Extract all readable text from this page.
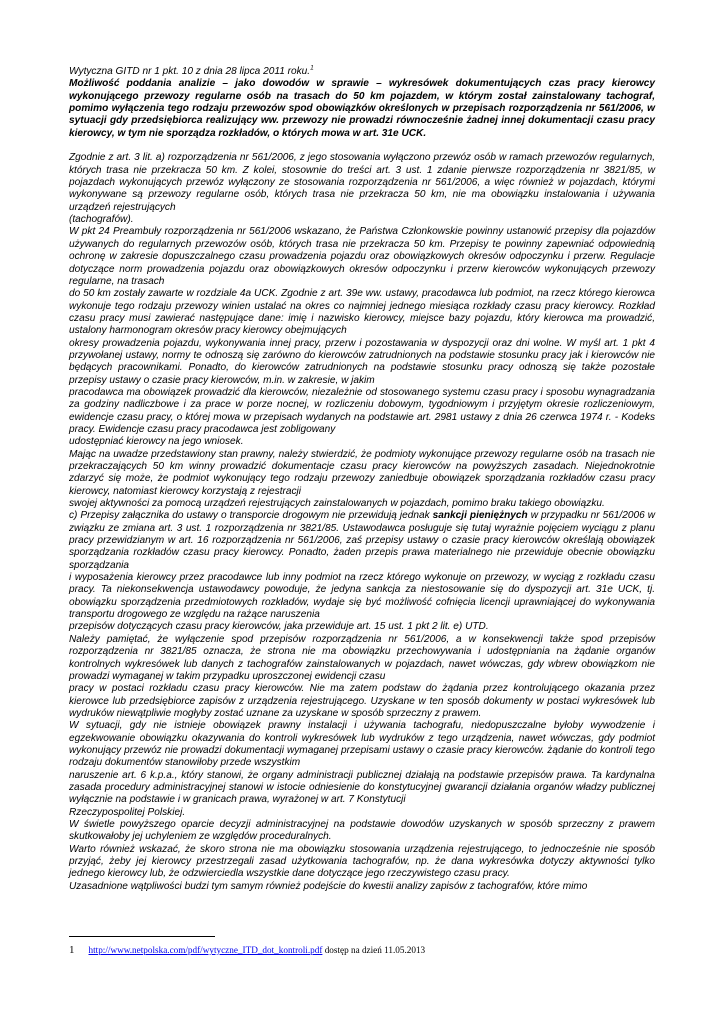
Wytyczna GITD nr 1 pkt. 10 z dnia 28 lipca 2011 roku.$^1$

Możliwość poddania analizie – jako dowodów w sprawie – wykresówek dokumentujących czas pracy kierowcy wykonującego przewozy regularne osób na trasach do 50 km pojazdem, w którym został zainstalowany tachograf, pomimo wyłączenia tego rodzaju przewozów spod obowiązków określonych w przepisach rozporządzenia nr 561/2006, w sytuacji gdy przedsiębiorca realizujący ww. przewozy nie prowadzi równocześnie żadnej innej dokumentacji czasu pracy kierowcy, w tym nie sporządza rozkładów, o których mowa w art. 31e UCK.

Zgodnie z art. 3 lit. a) rozporządzenia nr 561/2006, z jego stosowania wyłączono przewóz osób w ramach przewozów regularnych, których trasa nie przekracza 50 km. Z kolei, stosownie do treści art. 3 ust. 1 zdanie pierwsze rozporządzenia nr 3821/85, w pojazdach wykonujących przewóz wyłączony ze stosowania rozporządzenia nr 561/2006, a więc również w pojazdach, którymi wykonywane są przewozy regularne osób, których trasa nie przekracza 50 km, nie ma obowiązku instalowania i używania urządzeń rejestrujących

(tachografów).

W pkt 24 Preambuły rozporządzenia nr 561/2006 wskazano, że Państwa Członkowskie powinny ustanowić przepisy dla pojazdów używanych do regularnych przewozów osób, których trasa nie przekracza 50 km. Przepisy te powinny zapewniać odpowiednią ochronę w zakresie dopuszczalnego czasu prowadzenia pojazdu oraz obowiązkowych okresów odpoczynku i przerw. Regulacje dotyczące norm prowadzenia pojazdu oraz obowiązkowych okresów odpoczynku i przerw kierowców wykonujących przewozy regularne, na trasach

do 50 km zostały zawarte w rozdziale 4a UCK. Zgodnie z art. 39e ww. ustawy, pracodawca lub podmiot, na rzecz którego kierowca wykonuje tego rodzaju przewozy winien ustalać na okres co najmniej jednego miesiąca rozkłady czasu pracy kierowcy. Rozkład czasu pracy musi zawierać następujące dane: imię i nazwisko kierowcy, miejsce bazy pojazdu, który kierowca ma prowadzić, ustalony harmonogram okresów pracy kierowcy obejmujących

okresy prowadzenia pojazdu, wykonywania innej pracy, przerw i pozostawania w dyspozycji oraz dni wolne. W myśl art. 1 pkt 4 przywołanej ustawy, normy te odnoszą się zarówno do kierowców zatrudnionych na podstawie stosunku pracy jak i kierowców nie będących pracownikami. Ponadto, do kierowców zatrudnionych na podstawie stosunku pracy odnoszą się także pozostałe przepisy ustawy o czasie pracy kierowców, m.in. w zakresie, w jakim

pracodawca ma obowiązek prowadzić dla kierowców, niezależnie od stosowanego systemu czasu pracy i sposobu wynagradzania za godziny nadliczbowe i za prace w porze nocnej, w rozliczeniu dobowym, tygodniowym i przyjętym okresie rozliczeniowym, ewidencje czasu pracy, o której mowa w przepisach wydanych na podstawie art. 2981 ustawy z dnia 26 czerwca 1974 r. - Kodeks pracy. Ewidencje czasu pracy pracodawca jest zobligowany

udostępniać kierowcy na jego wniosek.

Mając na uwadze przedstawiony stan prawny, należy stwierdzić, że podmioty wykonujące przewozy regularne osób na trasach nie przekraczających 50 km winny prowadzić dokumentacje czasu pracy kierowców na powyższych zasadach. Niejednokrotnie zdarzyć się może, że podmiot wykonujący tego rodzaju przewozy zaniedbuje obowiązek sporządzania rozkładów czasu pracy kierowcy, natomiast kierowcy korzystają z rejestracji

swojej aktywności za pomocą urządzeń rejestrujących zainstalowanych w pojazdach, pomimo braku takiego obowiązku.

c) Przepisy załącznika do ustawy o transporcie drogowym nie przewidują jednak sankcji pieniężnych w przypadku nr 561/2006 w związku ze zmiana art. 3 ust. 1 rozporządzenia nr 3821/85. Ustawodawca posługuje się tutaj wyrażnie pojęciem wyciągu z planu pracy przewidzianym w art. 16 rozporządzenia nr 561/2006, zaś przepisy ustawy o czasie pracy kierowców określają obowiązek sporządzania rozkładów czasu pracy kierowcy. Ponadto, żaden przepis prawa materialnego nie przewiduje obecnie obowiązku sporządzania

i wyposażenia kierowcy przez pracodawce lub inny podmiot na rzecz którego wykonuje on przewozy, w wyciąg z rozkładu czasu pracy. Ta niekonsekwencja ustawodawcy powoduje, że jedyna sankcja za niestosowanie się do dyspozycji art. 31e UCK, tj. obowiązku sporządzenia przedmiotowych rozkładów, wydaje się być możliwość cofnięcia licencji uprawniającej do wykonywania transportu drogowego ze względu na rażące naruszenia

przepisów dotyczących czasu pracy kierowców, jaka przewiduje art. 15 ust. 1 pkt 2 lit. e) UTD.

Należy pamiętać, że wyłączenie spod przepisów rozporządzenia nr 561/2006, a w konsekwencji także spod przepisów rozporządzenia nr 3821/85 oznacza, że strona nie ma obowiązku przechowywania i udostępniania na żądanie organów kontrolnych wykresówek lub danych z tachografów zainstalowanych w pojazdach, nawet wówczas, gdy wbrew obowiązkom nie prowadzi wymaganej w takim przypadku uproszczonej ewidencji czasu

pracy w postaci rozkładu czasu pracy kierowców. Nie ma zatem podstaw do żądania przez kontrolującego okazania przez kierowce lub przedsiębiorce zapisów z urządzenia rejestrującego. Uzyskane w ten sposób dokumenty w postaci wykresówek lub wydruków niewątpliwie mogłyby zostać uznane za uzyskane w sposób sprzeczny z prawem.

W sytuacji, gdy nie istnieje obowiązek prawny instalacji i używania tachografu, niedopuszczalne byłoby wywodzenie i egzekwowanie obowiązku okazywania do kontroli wykresówek lub wydruków z tego urządzenia, nawet wówczas, gdy podmiot wykonujący przewóz nie prowadzi dokumentacji wymaganej przepisami ustawy o czasie pracy kierowców. żądanie do kontroli tego rodzaju dokumentów stanowiłoby przede wszystkim

naruszenie art. 6 k.p.a., który stanowi, że organy administracji publicznej działają na podstawie przepisów prawa. Ta kardynalna zasada procedury administracyjnej stanowi w istocie odniesienie do konstytucyjnej gwarancji działania organów władzy publicznej wyłącznie na podstawie i w granicach prawa, wyrażonej w art. 7 Konstytucji

Rzeczypospolitej Polskiej.

W świetle powyższego oparcie decyzji administracyjnej na podstawie dowodów uzyskanych w sposób sprzeczny z prawem skutkowałoby jej uchyleniem ze względów proceduralnych.

Warto również wskazać, że skoro strona nie ma obowiązku stosowania urządzenia rejestrującego, to jednocześnie nie sposób przyjąć, żeby jej kierowcy przestrzegali zasad użytkowania tachografów, np. że dana wykresówka dotyczy aktywności tylko jednego kierowcy lub, że odzwierciedla wszystkie dane dotyczące jego rzeczywistego czasu pracy.

Uzasadnione wątpliwości budzi tym samym również podejście do kwestii analizy zapisów z tachografów, które mimo

1 http://www.netpolska.com/pdf/wytyczne_ITD_dot_kontroli.pdf dostęp na dzień 11.05.2013
